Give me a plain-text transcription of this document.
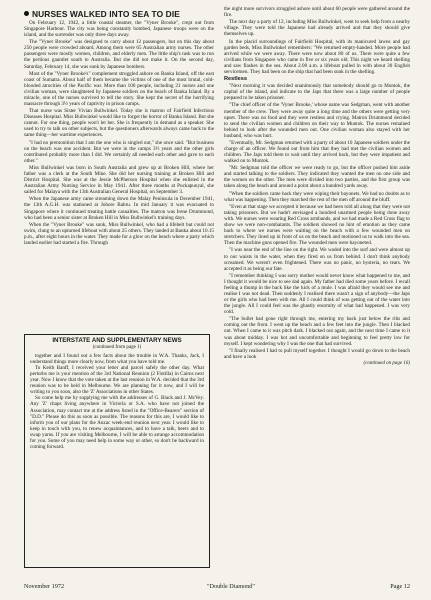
NURSES WALKED INTO SEA TO DIE

On February 12, 1942, a little coastal steamer, the "Vyner Brooke", crept out from Singapore Harbour. The city was being constantly bombed, Japanese troops were on the island, and the surrender was only three days away.

The "Vyner Brooke" was designed to carry about 12 passengers, but on this day about 250 people were crowded aboard. Among them were 65 Australian army nurses. The other passengers were mostly women, children, and elderly men. The little ship's task was to run the perilous gauntlet south to Australia. But she did not make it. On the second day, Saturday, February 14, she was sunk by Japanese bombers.

Most of the "Vyner Brooke's" complement struggled ashore on Banka Island, off the east coast of Sumatra. About half of them became the victims of one of the most brutal, cold-blooded atrocities of the Pacific war. More than 100 people, including 21 nurses and one civilian woman, were slaughtered by Japanese soldiers on the beach of Banka Island. By a miracle, one of the nurses survived to tell the story. She kept the secret of the horrifying massacre through 3½ years of captivity in prison camps.

That nurse was Sister Vivian Bullwinkel. Today she is matron of Fairfield Infectious Diseases Hospital. Miss Bullwinkel would like to forget the horror of Banka Island. But she cannot. For one thing, people won't let her. She is frequently in demand as a speaker. She used to try to talk on other subjects, but the questioners afterwards always came back to the same thing—her wartime experiences.

"I had no premonition that I am the one who is singled out," she once said. "But business on the beach was one accident. But we were in the camps 3½ years and the other girls contributed probably more than I did. We certainly all needed each other and gave to each other."

Miss Bullwinkel was born in South Australia and grew up at Broken Hill, where her father was a clerk at the South Mine. She did her nursing training at Broken Hill and District Hospital. She was at the Jessie McPherson Hospital when she enlisted in the Australian Army Nursing Service in May 1941. After three months at Puckapunyal, she sailed for Malaya with the 13th Australian General Hospital, on September 3.

When the Japanese army came streaming down the Malay Peninsula in December 1941, the 13th A.G.H. was stationed at Johore Bahru. In mid January it was evacuated to Singapore where it continued treating battle casualties. The matron was Irene Drummond, who had been a senior sister at Broken Hill in Miss Bullwinkel's training days.

When the "Vyner Brooke" was sunk, Miss Bullwinkel, who had a lifebelt but could not swim, clung to an upturned lifeboat with about 25 others. They landed at Banka about 10.15 p.m., after eight hours in the water. They made for a glow on the beach where a party which landed earlier had started a fire. Through

INTERSTATE AND SUPPLEMENTARY NEWS

(continued from page 1)

together and I found out a few facts about the trouble in W.A. Thanks, Jack, I understand things more clearly now, from what you have told me.

To Keith Banff, I received your letter and parcel safely the other day. What perturbs me is your mention of the 3rd National Reunion (2 Flotilla) in Cairns next year. Now I know that the vote taken at the last reunion in W.A. decided that the 3rd reunion was to be held in Melbourne. We are planning for it now, and I will be writing to you soon, also the 'Z' Associations in other States.

So come help me by supplying me with the addresses of G. Black and J. McVey. Any 'Z' chaps living anywhere in Victoria or S.A. who have not joined the Association, may contact me at the address listed in the "Office-Bearers" section of "D.D." Please do this as soon as possible. The reasons for this are, I would like to inform you of our plans for the Anzac week-end reunion next year. I would like to keep in touch with you, to renew acquaintances, and to have a talk, beers and to swap yarns. If you are visiting Melbourne, I will be able to arrange accommodation for you. Some of you may need help in some way or other, so don't be backward in coming forward.

the night more survivors struggled ashore until about 60 people were gathered around the fire.

The next day a party of 12, including Miss Bullwinkel, went to seek help from a nearby village. They were told the Japanese had already arrived and that they should give themselves up.

In the placid surroundings of Fairfield Hospital, with its manicured lawns and gay garden beds, Miss Bullwinkel remembers: "We returned empty-handed. More people had arrived while we were away. There were now about 80 of us. There were quite a few civilians from Singapore who came in five or six years old. This night we heard shelling and saw flashes in the sea. About 2.00 a.m. a lifeboat pulled in with about 30 English servicemen. They had been on the ship that had been sunk in the shelling.

Restless

"Next morning it was decided unanimously that somebody should go to Muntok, the capital of the island, and indicate to the Japs that there was a large number of people prepared to be taken prisoner.

"The chief officer of the 'Vyner Brooke,' whose name was Sedgman, went with another member of the crew. They were away quite a long time and the others were getting very upset. There was no food and they were restless and crying. Matron Drummond decided to send the civilian women and children on their way to Muntok. The nurses remained behind to look after the wounded men out. One civilian woman also stayed with her husband, who was hurt.

"Eventually, Mr. Sedgman returned with a party of about 10 Japanese soldiers under the charge of an officer. We found out from him that they had met the civilian women and children. The Japs told them to wait until they arrived back, but they were impatient and walked on to Muntok.

"Mr. Sedgman told the officer we were ready to go, but the officer pushed him aside and started talking to the soldiers. They indicated they wanted the men on one side and the women on the other. The men were divided into two parties, and the first group was taken along the beach and around a point about a hundred yards away.

"When the soldiers came back they were wiping their bayonets. We had no doubts as to what was happening. Then they marched the rest of the men off around the bluff.

"Even at that stage we accepted it because we had been told all along that they were not taking prisoners. But we hadn't envisaged a hundred unarmed people being done away with. We nurses were wearing Red Cross armbands, and we had made a Red Cross flag to show we were non-combatants. The soldiers showed no hint of emotion as they came back to where we nurses were waiting on the beach with a few wounded men on stretchers. They lined up in front of us on the beach and motioned us to walk into the sea. Then the machine guns opened fire. The wounded men were bayoneted.

"I was near the end of the line on the right. We waded into the surf and were almost up to our waists in the water, when they fired on us from behind. I don't think anybody screamed. We weren't even frightened. There was no panic, no hysteria, no tears. We accepted it as being our fate.

"I remember thinking I was sorry mother would never know what happened to me, and I thought it would be nice to see dad again. My father had died some years before. I recall feeling a thump in the back like the kick of a mule. I was afraid they would see me and realise I was not dead. Then suddenly I realised there wasn't a sign of anybody—the Japs or the girls who had been with me. All I could think of was getting out of the water into the jungle. All I could feel was the ghastly enormity of what had happened. I was very cold.

"The bullet had gone right through me, entering my back just below the ribs and coming out the front. I went up the beach and a few feet into the jungle. Then I blacked out. When I came to it was pitch dark. I blacked out again, and the next time I came to it was about midday. I was hot and uncomfortable and beginning to feel pretty low for myself. I kept wondering why I was the one that had survived.

"I finally realised I had to pull myself together. I thought I would go down to the beach and have a look

(continued on page 16)
November 1972	"Double Diamond"	Page 12
